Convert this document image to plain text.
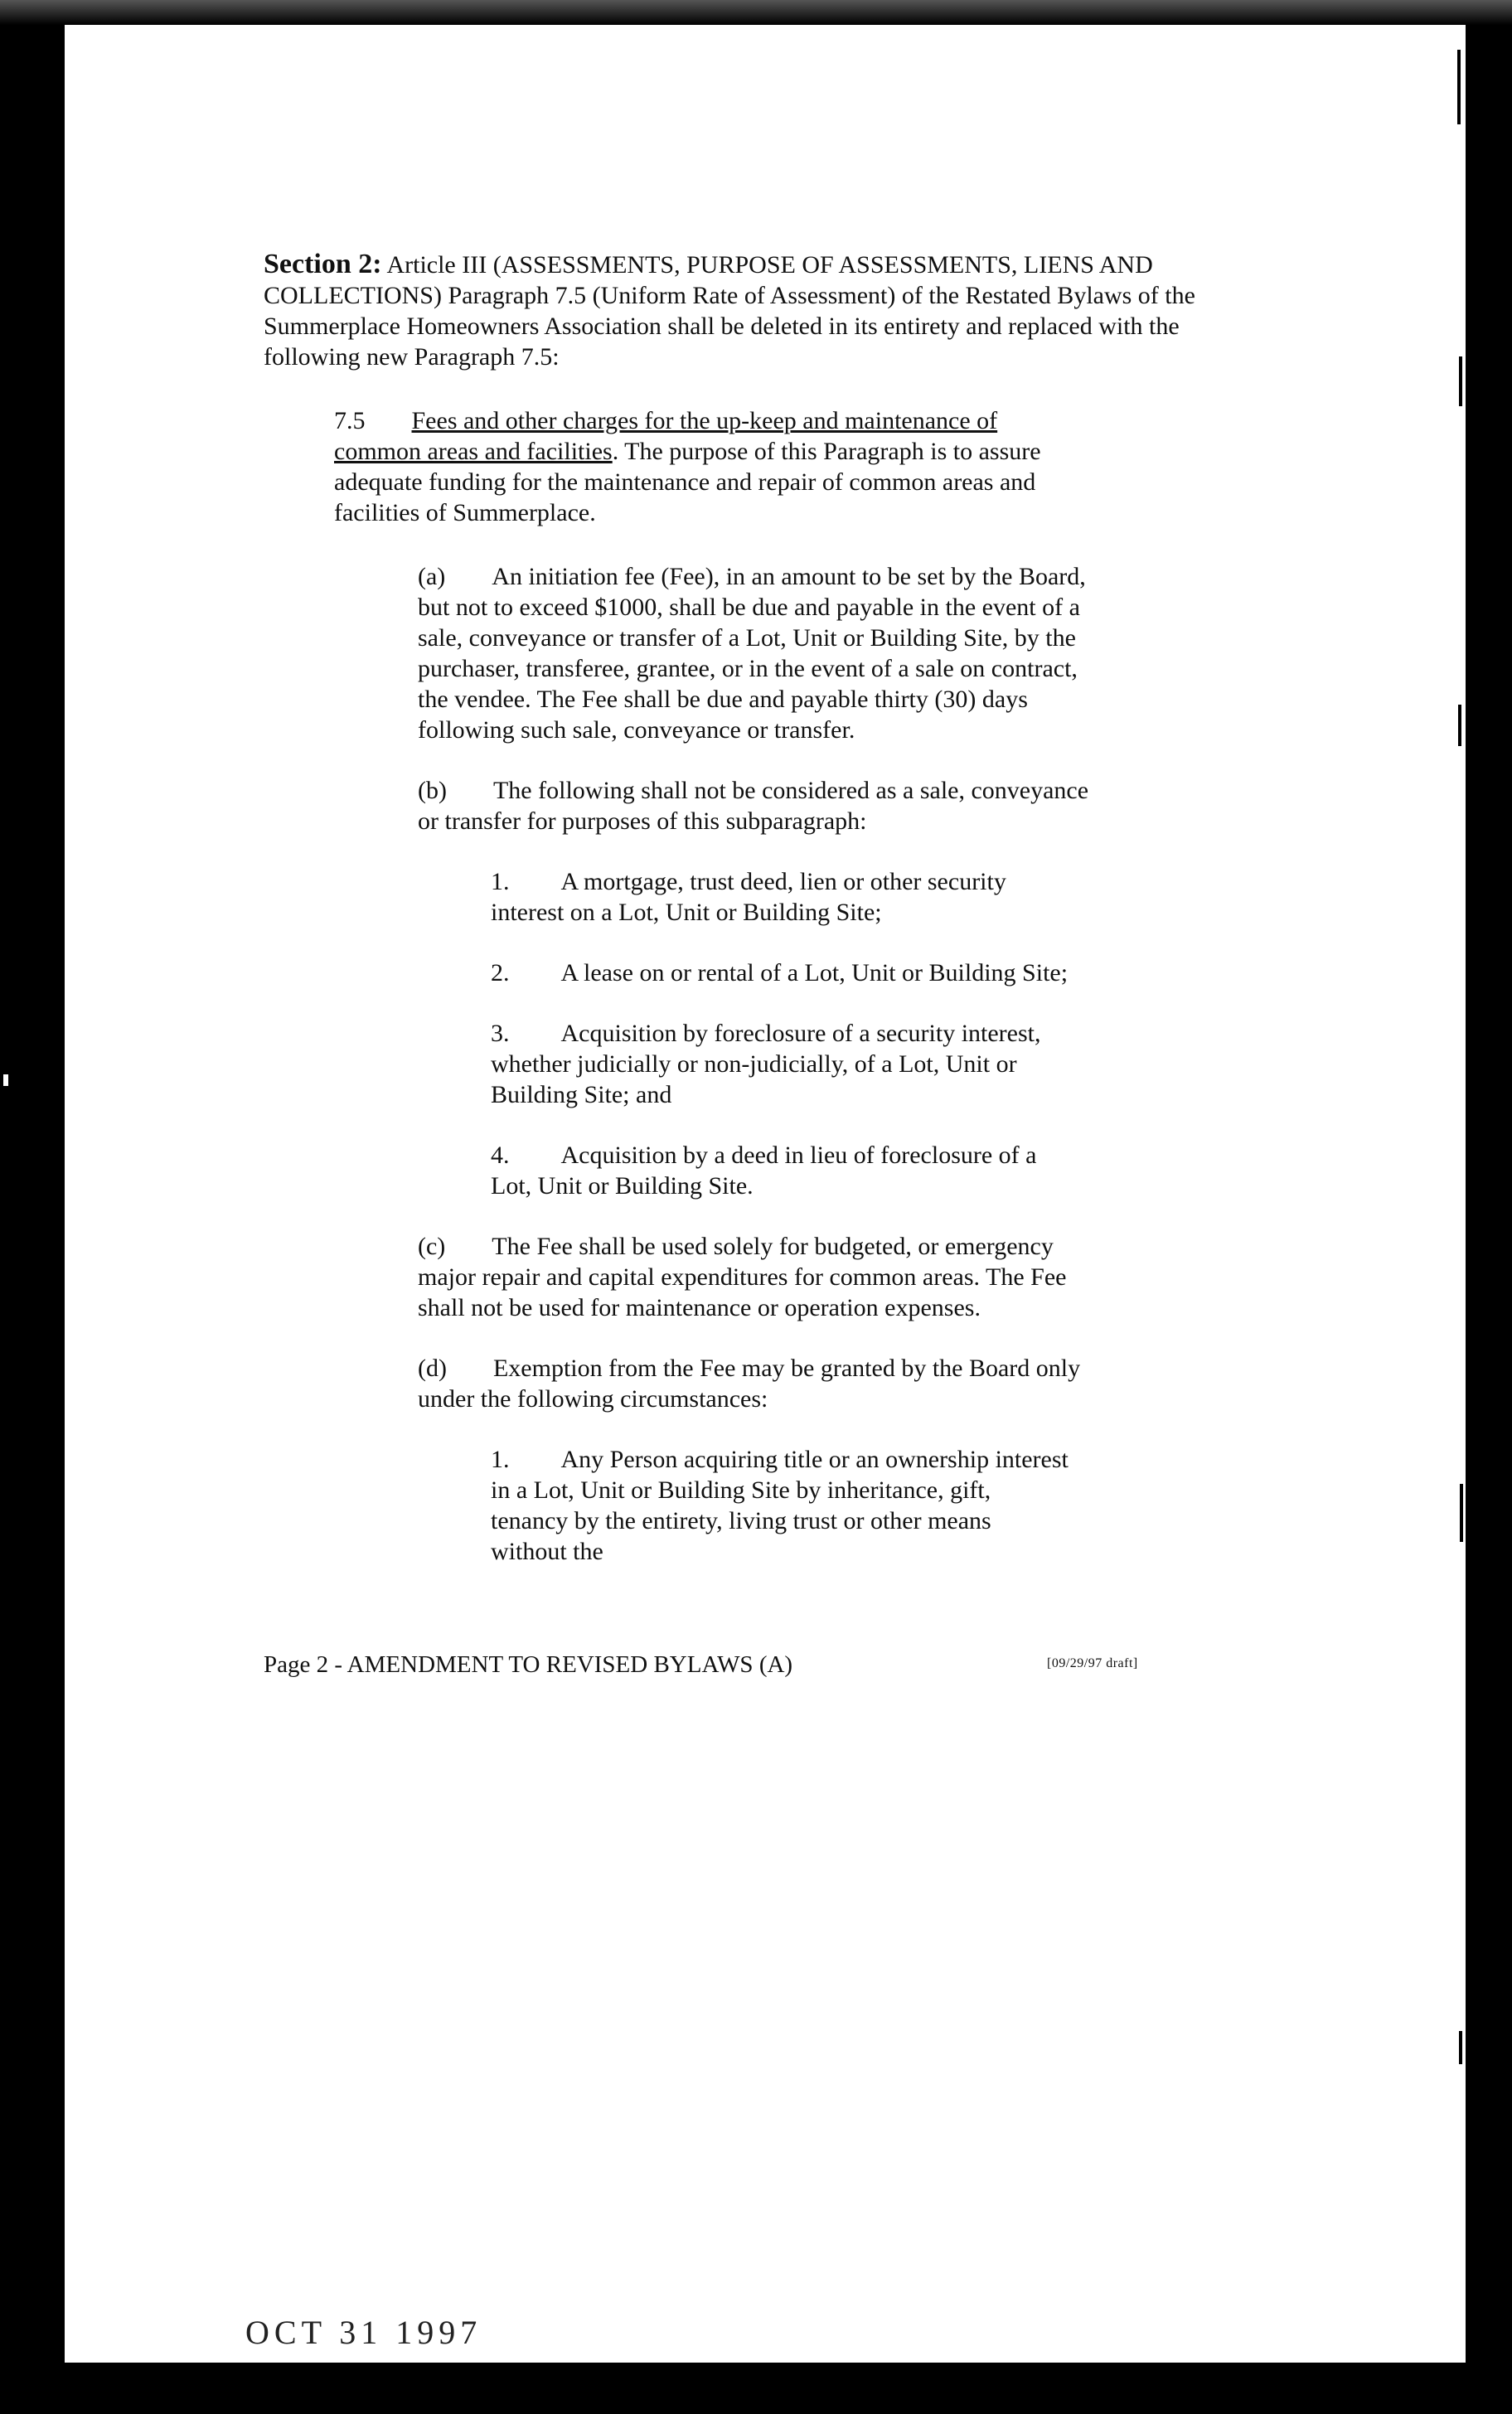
Section 2: Article III (ASSESSMENTS, PURPOSE OF ASSESSMENTS, LIENS AND COLLECTIONS) Paragraph 7.5 (Uniform Rate of Assessment) of the Restated Bylaws of the Summerplace Homeowners Association shall be deleted in its entirety and replaced with the following new Paragraph 7.5:

7.5 Fees and other charges for the up-keep and maintenance of common areas and facilities. The purpose of this Paragraph is to assure adequate funding for the maintenance and repair of common areas and facilities of Summerplace.

(a) An initiation fee (Fee), in an amount to be set by the Board, but not to exceed $1000, shall be due and payable in the event of a sale, conveyance or transfer of a Lot, Unit or Building Site, by the purchaser, transferee, grantee, or in the event of a sale on contract, the vendee. The Fee shall be due and payable thirty (30) days following such sale, conveyance or transfer.

(b) The following shall not be considered as a sale, conveyance or transfer for purposes of this subparagraph:

1. A mortgage, trust deed, lien or other security interest on a Lot, Unit or Building Site;

2. A lease on or rental of a Lot, Unit or Building Site;

3. Acquisition by foreclosure of a security interest, whether judicially or non-judicially, of a Lot, Unit or Building Site; and

4. Acquisition by a deed in lieu of foreclosure of a Lot, Unit or Building Site.

(c) The Fee shall be used solely for budgeted, or emergency major repair and capital expenditures for common areas. The Fee shall not be used for maintenance or operation expenses.

(d) Exemption from the Fee may be granted by the Board only under the following circumstances:

1. Any Person acquiring title or an ownership interest in a Lot, Unit or Building Site by inheritance, gift, tenancy by the entirety, living trust or other means without the

Page 2 - AMENDMENT TO REVISED BYLAWS (A)	[09/29/97 draft]
OCT 31 1997
